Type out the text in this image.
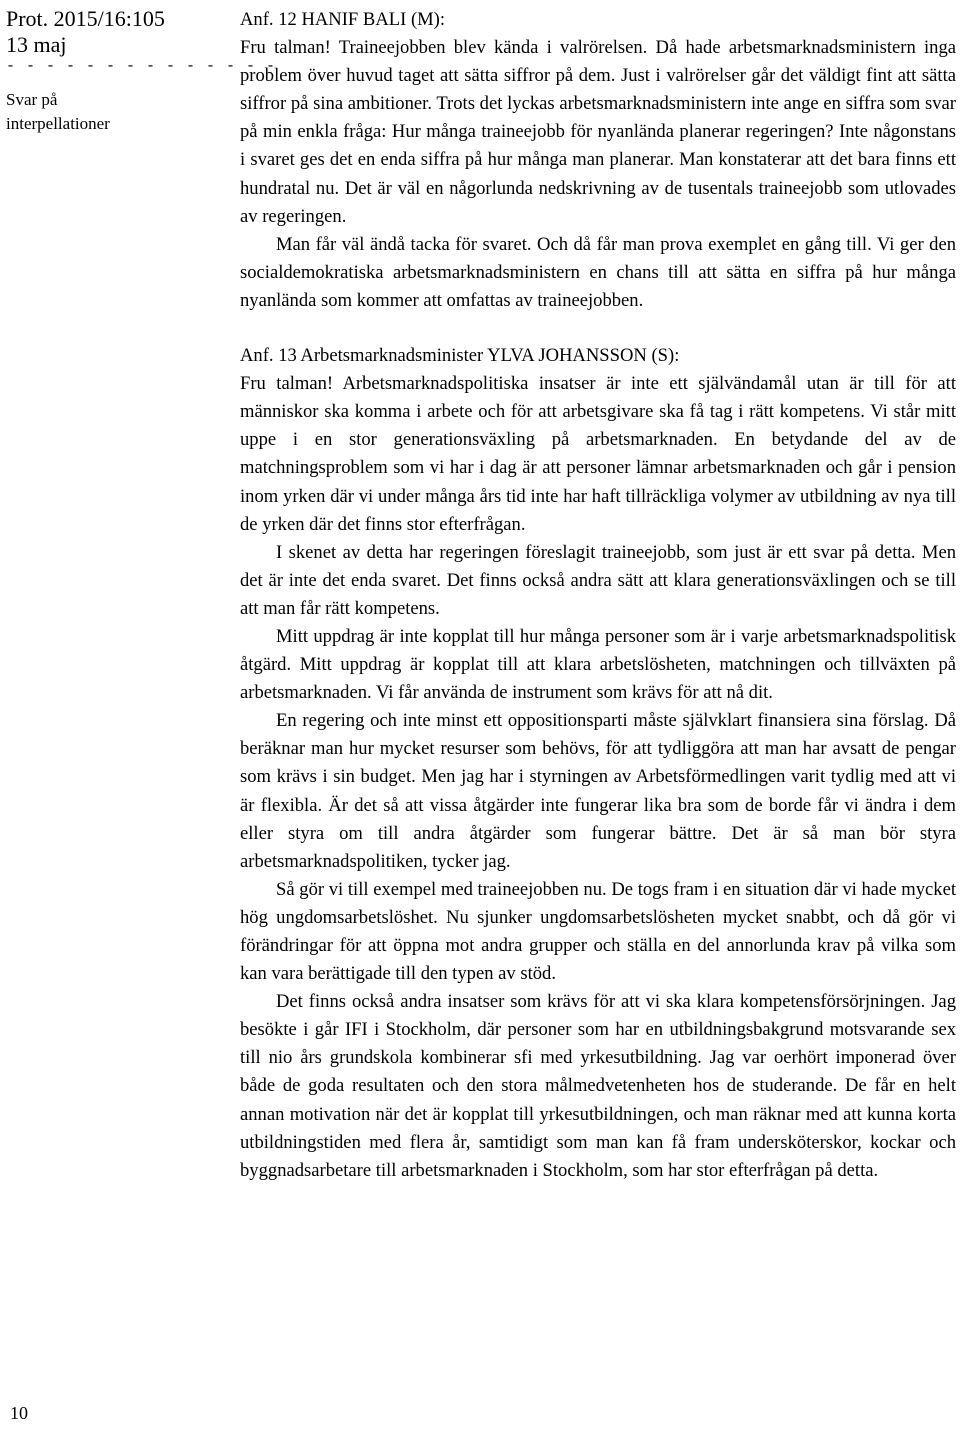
Prot. 2015/16:105
13 maj
- - - - - - - - - - - - - -
Svar på
interpellationer
10

Anf. 12 HANIF BALI (M):

Fru talman! Traineejobben blev kända i valrörelsen. Då hade arbetsmarknadsministern inga problem över huvud taget att sätta siffror på dem. Just i valrörelser går det väldigt fint att sätta siffror på sina ambitioner. Trots det lyckas arbetsmarknadsministern inte ange en siffra som svar på min enkla fråga: Hur många traineejobb för nyanlända planerar regeringen? Inte någonstans i svaret ges det en enda siffra på hur många man planerar. Man konstaterar att det bara finns ett hundratal nu. Det är väl en någorlunda nedskrivning av de tusentals traineejobb som utlovades av regeringen.

Man får väl ändå tacka för svaret. Och då får man prova exemplet en gång till. Vi ger den socialdemokratiska arbetsmarknadsministern en chans till att sätta en siffra på hur många nyanlända som kommer att omfattas av traineejobben.

Anf. 13 Arbetsmarknadsminister YLVA JOHANSSON (S):

Fru talman! Arbetsmarknadspolitiska insatser är inte ett självändamål utan är till för att människor ska komma i arbete och för att arbetsgivare ska få tag i rätt kompetens. Vi står mitt uppe i en stor generationsväxling på arbetsmarknaden. En betydande del av de matchningsproblem som vi har i dag är att personer lämnar arbetsmarknaden och går i pension inom yrken där vi under många års tid inte har haft tillräckliga volymer av utbildning av nya till de yrken där det finns stor efterfrågan.

I skenet av detta har regeringen föreslagit traineejobb, som just är ett svar på detta. Men det är inte det enda svaret. Det finns också andra sätt att klara generationsväxlingen och se till att man får rätt kompetens.

Mitt uppdrag är inte kopplat till hur många personer som är i varje arbetsmarknadspolitisk åtgärd. Mitt uppdrag är kopplat till att klara arbetslösheten, matchningen och tillväxten på arbetsmarknaden. Vi får använda de instrument som krävs för att nå dit.

En regering och inte minst ett oppositionsparti måste självklart finansiera sina förslag. Då beräknar man hur mycket resurser som behövs, för att tydliggöra att man har avsatt de pengar som krävs i sin budget. Men jag har i styrningen av Arbetsförmedlingen varit tydlig med att vi är flexibla. Är det så att vissa åtgärder inte fungerar lika bra som de borde får vi ändra i dem eller styra om till andra åtgärder som fungerar bättre. Det är så man bör styra arbetsmarknadspolitiken, tycker jag.

Så gör vi till exempel med traineejobben nu. De togs fram i en situation där vi hade mycket hög ungdomsarbetslöshet. Nu sjunker ungdomsarbetslösheten mycket snabbt, och då gör vi förändringar för att öppna mot andra grupper och ställa en del annorlunda krav på vilka som kan vara berättigade till den typen av stöd.

Det finns också andra insatser som krävs för att vi ska klara kompetensförsörjningen. Jag besökte i går IFI i Stockholm, där personer som har en utbildningsbakgrund motsvarande sex till nio års grundskola kombinerar sfi med yrkesutbildning. Jag var oerhört imponerad över både de goda resultaten och den stora målmedvetenheten hos de studerande. De får en helt annan motivation när det är kopplat till yrkesutbildningen, och man räknar med att kunna korta utbildningstiden med flera år, samtidigt som man kan få fram undersköterskor, kockar och byggnadsarbetare till arbetsmarknaden i Stockholm, som har stor efterfrågan på detta.
